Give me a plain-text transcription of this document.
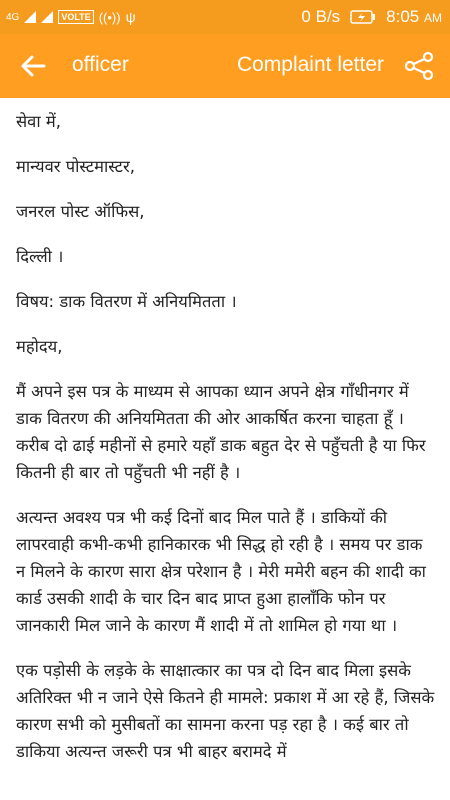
4G	VOLTE ((•)) ψ	0 B/s	8:05 AM
officer	Complaint letter

सेवा में,

मान्यवर पोस्टमास्टर,

जनरल पोस्ट ऑफिस,

दिल्ली ।

विषय: डाक वितरण में अनियमितता ।

महोदय,

मैं अपने इस पत्र के माध्यम से आपका ध्यान अपने क्षेत्र गाँधीनगर में डाक वितरण की अनियमितता की ओर आकर्षित करना चाहता हूँ । करीब दो ढाई महीनों से हमारे यहाँ डाक बहुत देर से पहुँचती है या फिर कितनी ही बार तो पहुँचती भी नहीं है ।

अत्यन्त अवश्य पत्र भी कई दिनों बाद मिल पाते हैं । डाकियों की लापरवाही कभी-कभी हानिकारक भी सिद्ध हो रही है । समय पर डाक न मिलने के कारण सारा क्षेत्र परेशान है । मेरी ममेरी बहन की शादी का कार्ड उसकी शादी के चार दिन बाद प्राप्त हुआ हालाँकि फोन पर जानकारी मिल जाने के कारण मैं शादी में तो शामिल हो गया था ।

एक पड़ोसी के लड़के के साक्षात्कार का पत्र दो दिन बाद मिला इसके अतिरिक्त भी न जाने ऐसे कितने ही मामले: प्रकाश में आ रहे हैं, जिसके कारण सभी को मुसीबतों का सामना करना पड़ रहा है । कई बार तो डाकिया अत्यन्त जरूरी पत्र भी बाहर बरामदे में
